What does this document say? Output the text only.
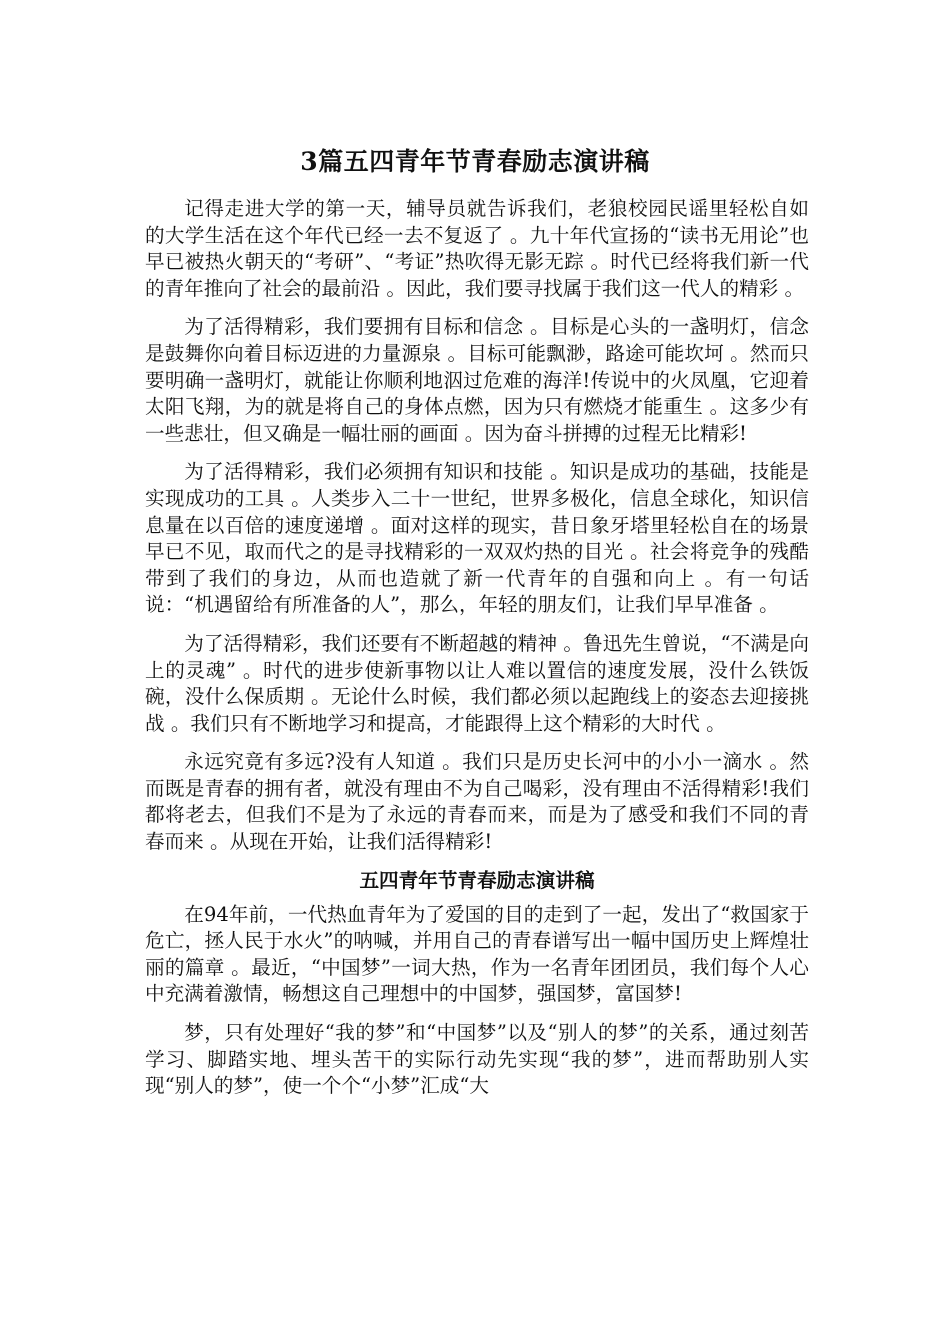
3篇五四青年节青春励志演讲稿

记得走进大学的第一天，辅导员就告诉我们，老狼校园民谣里轻松自如的大学生活在这个年代已经一去不复返了 。九十年代宣扬的“读书无用论”也早已被热火朝天的“考研”、“考证”热吹得无影无踪 。时代已经将我们新一代的青年推向了社会的最前沿 。因此，我们要寻找属于我们这一代人的精彩 。

为了活得精彩，我们要拥有目标和信念 。目标是心头的一盏明灯，信念是鼓舞你向着目标迈进的力量源泉 。目标可能飘渺，路途可能坎坷 。然而只要明确一盏明灯，就能让你顺利地泅过危难的海洋!传说中的火凤凰，它迎着太阳飞翔，为的就是将自己的身体点燃，因为只有燃烧才能重生 。这多少有一些悲壮，但又确是一幅壮丽的画面 。因为奋斗拼搏的过程无比精彩!

为了活得精彩，我们必须拥有知识和技能 。知识是成功的基础，技能是实现成功的工具 。人类步入二十一世纪，世界多极化，信息全球化，知识信息量在以百倍的速度递增 。面对这样的现实，昔日象牙塔里轻松自在的场景早已不见，取而代之的是寻找精彩的一双双灼热的目光 。社会将竞争的残酷带到了我们的身边，从而也造就了新一代青年的自强和向上 。有一句话说：“机遇留给有所准备的人”，那么，年轻的朋友们，让我们早早准备 。

为了活得精彩，我们还要有不断超越的精神 。鲁迅先生曾说，“不满是向上的灵魂” 。时代的进步使新事物以让人难以置信的速度发展，没什么铁饭碗，没什么保质期 。无论什么时候，我们都必须以起跑线上的姿态去迎接挑战 。我们只有不断地学习和提高，才能跟得上这个精彩的大时代 。

永远究竟有多远?没有人知道 。我们只是历史长河中的小小一滴水 。然而既是青春的拥有者，就没有理由不为自己喝彩，没有理由不活得精彩!我们都将老去，但我们不是为了永远的青春而来，而是为了感受和我们不同的青春而来 。从现在开始，让我们活得精彩!

五四青年节青春励志演讲稿

在94年前，一代热血青年为了爱国的目的走到了一起，发出了“救国家于危亡，拯人民于水火”的呐喊，并用自己的青春谱写出一幅中国历史上辉煌壮丽的篇章 。最近，“中国梦”一词大热，作为一名青年团团员，我们每个人心中充满着激情，畅想这自己理想中的中国梦，强国梦，富国梦!

梦，只有处理好“我的梦”和“中国梦”以及“别人的梦”的关系，通过刻苦学习、脚踏实地、埋头苦干的实际行动先实现“我的梦”，进而帮助别人实现“别人的梦”，使一个个“小梦”汇成“大
